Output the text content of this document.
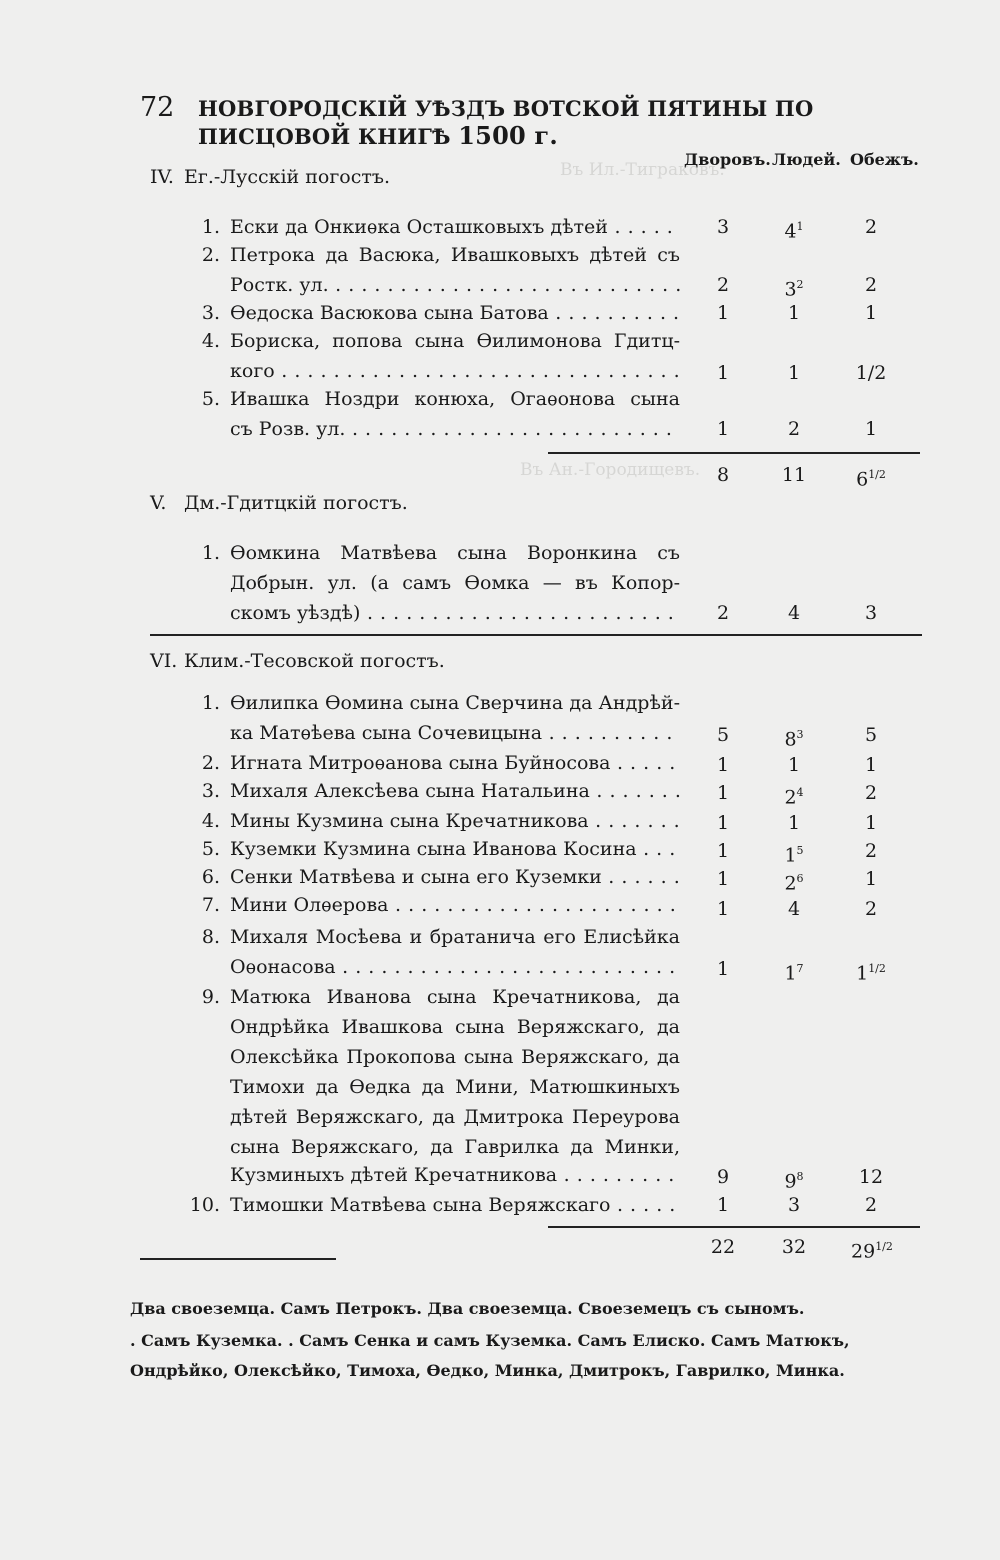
Въ Ил.-Тиграковъ.
Въ Ан.-Городищевъ.
72 НОВГОРОДСКІЙ УѢЗДЪ ВОТСКОЙ ПЯТИНЫ ПО ПИСЦОВОЙ КНИГѢ 1500 г.
Дворовъ. Людей. Обежъ.
IV. Ег.-Лусскій погостъ.
1. Ески да Онкиѳка Осташковыхъ дѣтей . . .	3	$4^1$	2
2. Петрока да Васюка, Ивашковыхъ дѣтей съ
Ростк. ул. . . .	2	$3^2$	2
3. Ѳедоска Васюкова сына Батова . . .	1	1	1
4. Бориска, попова сына Ѳилимонова Гдитц-
кого . . .	1	1	1/2
5. Ивашка Ноздри конюха, Огаѳонова сына
съ Розв. ул. . . .	1	2	1
8	11	$6^{1/2}$
V. Дм.-Гдитцкій погостъ.
1. Ѳомкина Матвѣева сына Воронкина съ
Добрын. ул. (а самъ Ѳомка — въ Копор-
скомъ уѣздѣ) . . .	2	4	3
VI. Клим.-Тесовской погостъ.
1. Ѳилипка Ѳомина сына Сверчина да Андрѣй-
ка Матѳѣева сына Сочевицына . . .	5	$8^3$	5
2. Игната Митроѳанова сына Буйносова . . .	1	1	1
3. Михаля Алексѣева сына Натальина . . .	1	$2^4$	2
4. Мины Кузмина сына Кречатникова . . .	1	1	1
5. Куземки Кузмина сына Иванова Косина . . .	1	$1^5$	2
6. Сенки Матвѣева и сына его Куземки . . .	1	$2^6$	1
7. Мини Олѳерова . . .	1	4	2
8. Михаля Мосѣева и братанича его Елисѣйка
Оѳонасова . . .	1	$1^7$	$1^{1/2}$
9. Матюка Иванова сына Кречатникова, да
Ондрѣйка Ивашкова сына Веряжскаго, да
Олексѣйка Прокопова сына Веряжскаго, да
Тимохи да Ѳедка да Мини, Матюшкиныхъ
дѣтей Веряжскаго, да Дмитрока Переурова
сына Веряжскаго, да Гаврилка да Минки,
Кузминыхъ дѣтей Кречатникова . . .	9	$9^8$	12
10. Тимошки Матвѣева сына Веряжскаго . . .	1	3	2
22	32	$29^{1/2}$
Два своеземца. Самъ Петрокъ. Два своеземца. Своеземецъ съ сыномъ.
. Самъ Куземка. . Самъ Сенка и самъ Куземка. Самъ Елиско. Самъ Матюкъ,
Ондрѣйко, Олексѣйко, Тимоха, Ѳедко, Минка, Дмитрокъ, Гаврилко, Минка.
